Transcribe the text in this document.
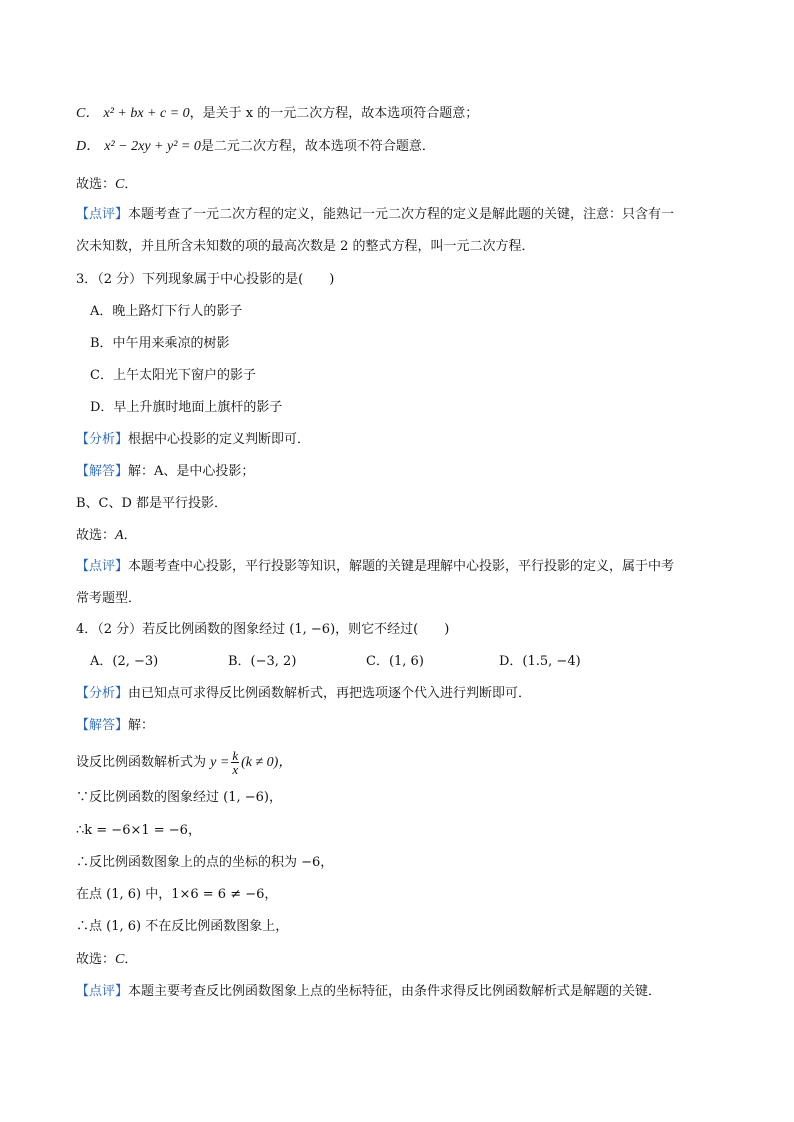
C． x² + bx + c = 0，是关于 x 的一元二次方程，故本选项符合题意；
D． x² − 2xy + y² = 0是二元二次方程，故本选项不符合题意．
故选：C．
【点评】本题考查了一元二次方程的定义，能熟记一元二次方程的定义是解此题的关键，注意：只含有一
次未知数，并且所含未知数的项的最高次数是 2 的整式方程，叫一元二次方程．
3．（2 分）下列现象属于中心投影的是(　　)
A．晚上路灯下行人的影子
B．中午用来乘凉的树影
C．上午太阳光下窗户的影子
D．早上升旗时地面上旗杆的影子
【分析】根据中心投影的定义判断即可．
【解答】解：A、是中心投影；
B、C、D 都是平行投影．
故选：A．
【点评】本题考查中心投影，平行投影等知识，解题的关键是理解中心投影，平行投影的定义，属于中考
常考题型．
4．（2 分）若反比例函数的图象经过 (1, −6)，则它不经过(　　)
A．(2, −3)	B．(−3, 2)	C．(1, 6)	D．(1.5, −4)
【分析】由已知点可求得反比例函数解析式，再把选项逐个代入进行判断即可．
【解答】解：
设反比例函数解析式为 $y = \frac{k}{x} (k \ne 0)$，
∵反比例函数的图象经过 (1, −6)，
∴k = −6×1 = −6，
∴反比例函数图象上的点的坐标的积为 −6，
在点 (1, 6) 中，1×6 = 6 ≠ −6，
∴点 (1, 6) 不在反比例函数图象上，
故选：C．
【点评】本题主要考查反比例函数图象上点的坐标特征，由条件求得反比例函数解析式是解题的关键．
